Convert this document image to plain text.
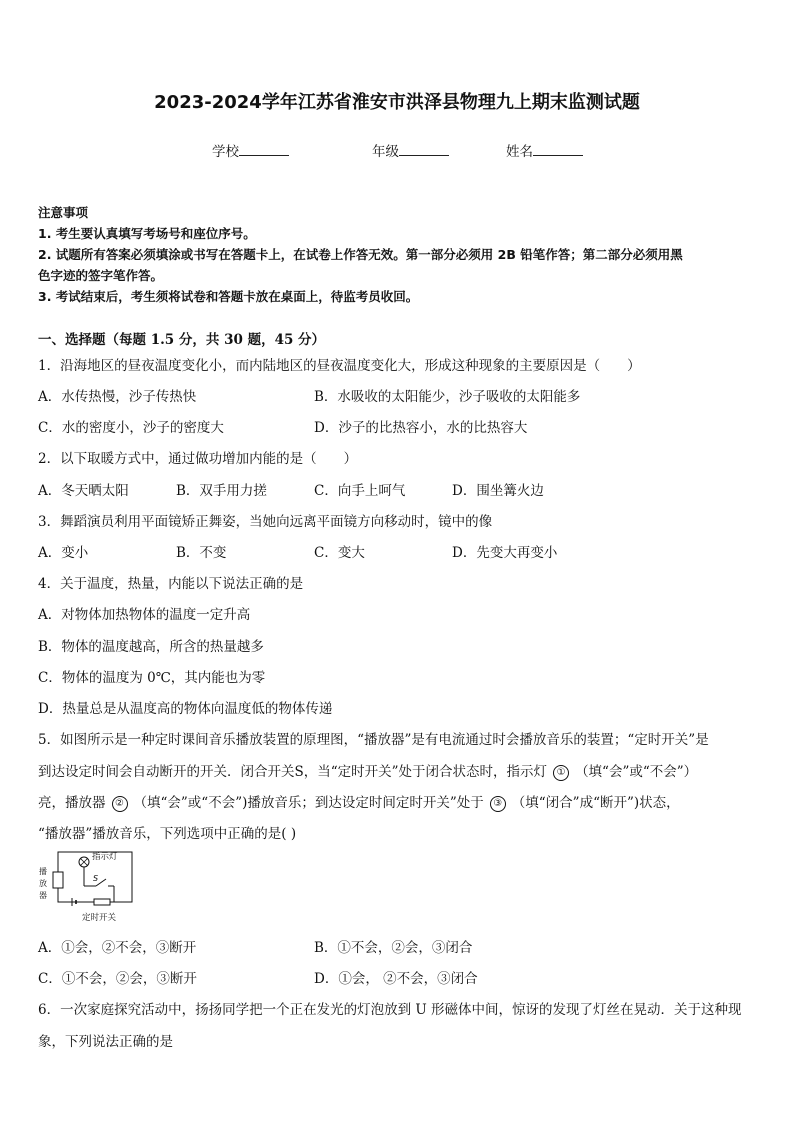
2023-2024学年江苏省淮安市洪泽县物理九上期末监测试题
学校	年级	姓名
注意事项
1. 考生要认真填写考场号和座位序号。
2. 试题所有答案必须填涂或书写在答题卡上，在试卷上作答无效。第一部分必须用 2B 铅笔作答；第二部分必须用黑
色字迹的签字笔作答。
3. 考试结束后，考生须将试卷和答题卡放在桌面上，待监考员收回。
一、选择题（每题 1.5 分，共 30 题，45 分）
1．沿海地区的昼夜温度变化小，而内陆地区的昼夜温度变化大，形成这种现象的主要原因是（　　）
A．水传热慢，沙子传热快	B．水吸收的太阳能少，沙子吸收的太阳能多
C．水的密度小，沙子的密度大	D．沙子的比热容小，水的比热容大
2．以下取暖方式中，通过做功增加内能的是（　　）
A．冬天晒太阳	B．双手用力搓	C．向手上呵气	D．围坐篝火边
3．舞蹈演员利用平面镜矫正舞姿，当她向远离平面镜方向移动时，镜中的像
A．变小	B．不变	C．变大	D．先变大再变小
4．关于温度，热量，内能以下说法正确的是
A．对物体加热物体的温度一定升高
B．物体的温度越高，所含的热量越多
C．物体的温度为 0℃，其内能也为零
D．热量总是从温度高的物体向温度低的物体传递
5．如图所示是一种定时课间音乐播放装置的原理图，“播放器”是有电流通过时会播放音乐的装置；“定时开关”是
到达设定时间会自动断开的开关．闭合开关S，当“定时开关”处于闭合状态时，指示灯 ① （填“会”或“不会”）
亮，播放器 ② （填“会”或“不会”)播放音乐；到达设定时间定时开关”处于 ③ （填“闭合”成“断开”)状态，
“播放器”播放音乐，下列选项中正确的是( )
指示灯
播
放
器
S
定时开关
A．①会，②不会，③断开	B．①不会，②会，③闭合
C．①不会，②会，③断开	D．①会， ②不会，③闭合
6．一次家庭探究活动中，扬扬同学把一个正在发光的灯泡放到 U 形磁体中间，惊讶的发现了灯丝在晃动．关于这种现
象，下列说法正确的是
